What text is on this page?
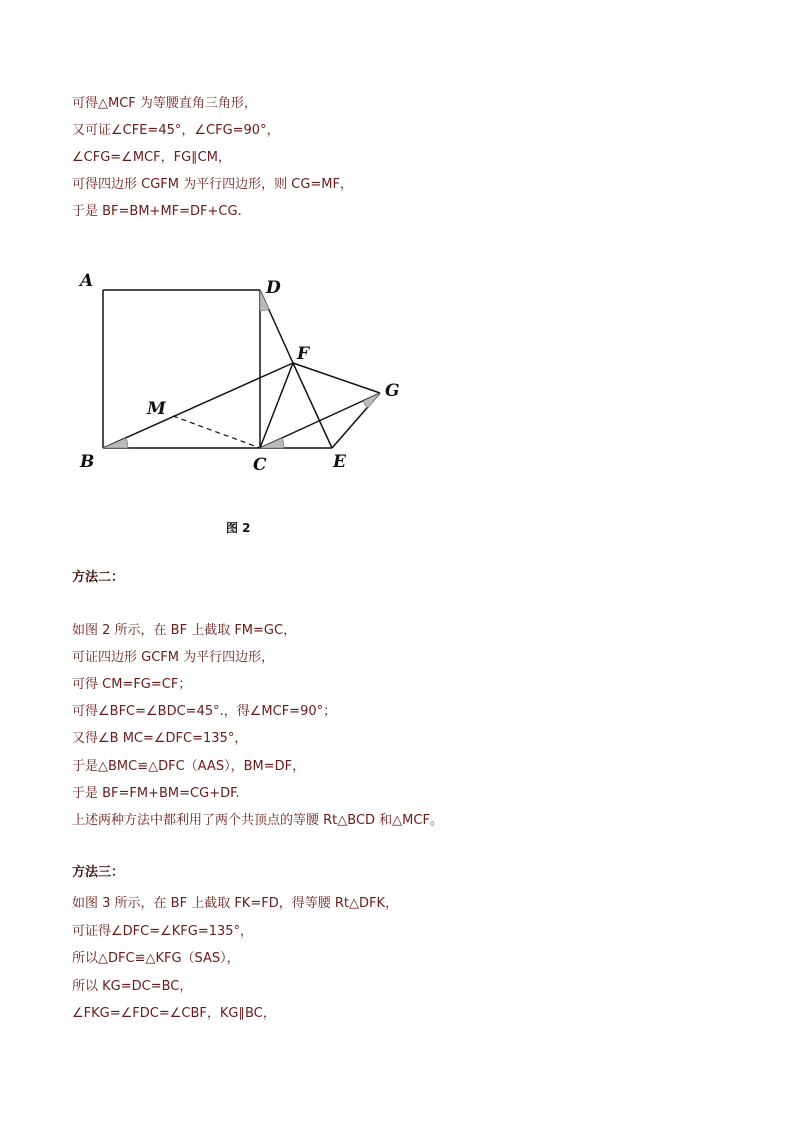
可得△MCF 为等腰直角三角形，
又可证∠CFE=45°，∠CFG=90°，
∠CFG=∠MCF，FG∥CM，
可得四边形 CGFM 为平行四边形，则 CG=MF，
于是 BF=BM+MF=DF+CG.
A	D
F
G
M
B	C	E
图 2
方法二：
如图 2 所示，在 BF 上截取 FM=GC，
可证四边形 GCFM 为平行四边形，
可得 CM=FG=CF；
可得∠BFC=∠BDC=45°.，得∠MCF=90°；
又得∠B MC=∠DFC=135°，
于是△BMC≌△DFC（AAS），BM=DF，
于是 BF=FM+BM=CG+DF.
上述两种方法中都利用了两个共顶点的等腰 Rt△BCD 和△MCF。
方法三：
如图 3 所示，在 BF 上截取 FK=FD，得等腰 Rt△DFK，
可证得∠DFC=∠KFG=135°，
所以△DFC≌△KFG（SAS），
所以 KG=DC=BC，
∠FKG=∠FDC=∠CBF，KG∥BC，
